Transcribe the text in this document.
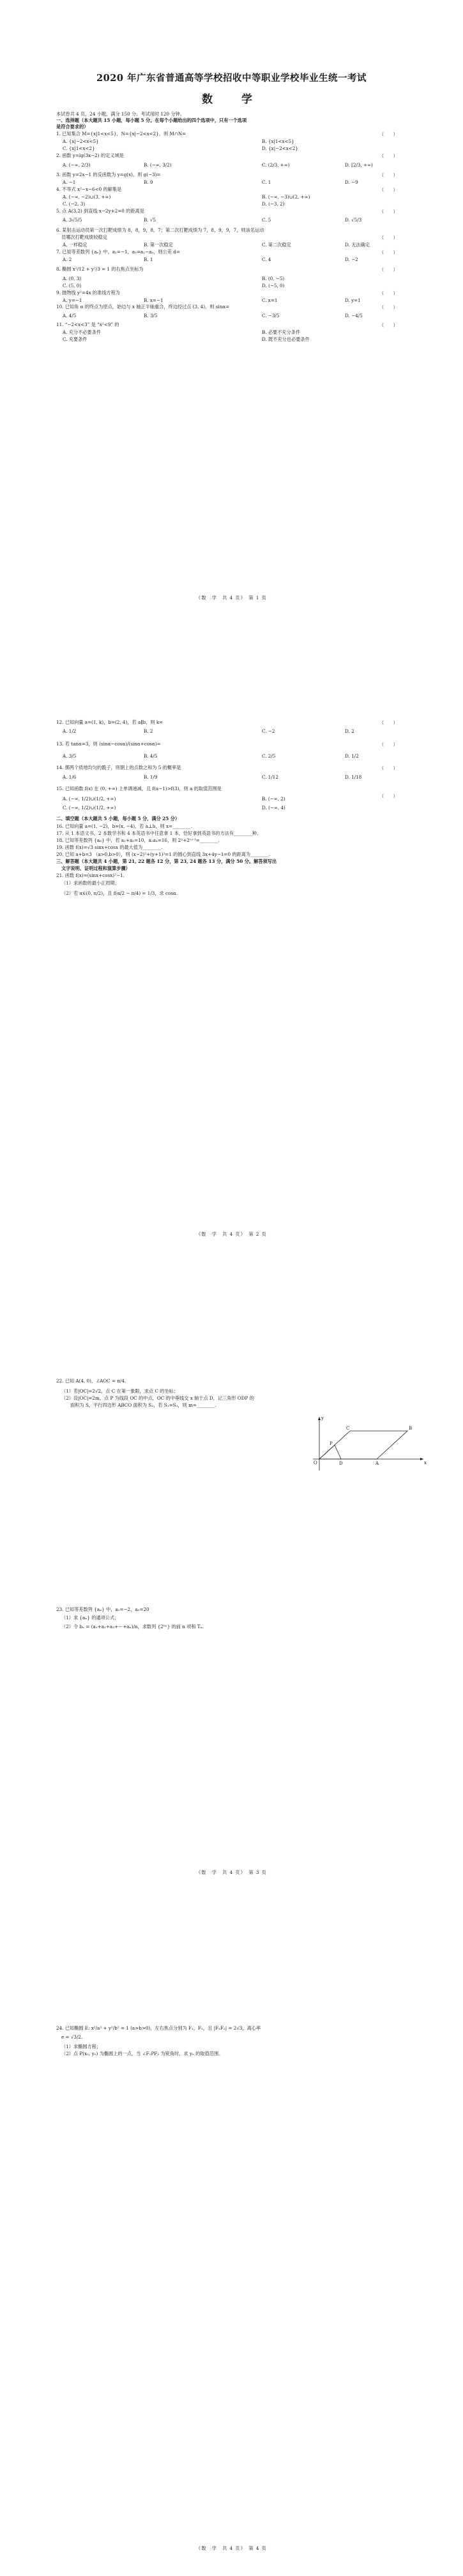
2020 年广东省普通高等学校招收中等职业学校毕业生统一考试
数　学
本试卷共 4 页，24 小题，满分 150 分。考试用时 120 分钟。
一、选择题（本大题共 15 小题，每小题 5 分。在每个小题给出的四个选项中，只有一个选项
是符合要求的）
1. 已知集合 M={x|1<x<5}，N={x|−2<x<2}，则 M∩N=	（　　）
A. {x|−2<x<5}	B. {x|1<x<5}
C. {x|1<x<2}	D. {x|−2<x<2}
2. 函数 y=lg(3x−2) 的定义域是	（　　）
A. (−∞, 2/3)	B. (−∞, 3/2)	C. (2/3, +∞)	D. [2/3, +∞)
3. 函数 y=2x−1 的反函数为 y=g(x)，则 g(−3)=	（　　）
A. −1	B. 9	C. 1	D. −9
4. 不等式 x²−x−6<0 的解集是	（　　）
A. (−∞, −2)∪(3, +∞)	B. (−∞, −3)∪(2, +∞)
C. (−2, 3)	D. (−3, 2)
5. 点 A(3,2) 到直线 x−2y+2=0 的距离是	（　　）
A. 3√5/5	B. √5	C. 5	D. √5/3
6. 某射击运动员第一次打靶成绩为 8，8，9，8，7；第二次打靶成绩为 7，8，9，9，7，则该名运动
员哪次打靶成绩较稳定	（　　）
A. 一样稳定	B. 第一次稳定	C. 第二次稳定	D. 无法确定
7. 已知等差数列 {aₙ} 中，a₁=−1，a₅=a₁−a₂，则公差 d=	（　　）
A. 2	B. 1	C. 4	D. −2
8. 椭圆 x²/12 + y²/3 = 1 的右焦点坐标为	（　　）
A. (0, 3)	B. (0, −5)
C. (5, 0)	D. (−5, 0)
9. 抛物线 y²=4x 的准线方程为	（　　）
A. y=−1	B. x=−1	C. x=1	D. y=1
10. 已知角 α 的终点为原点，始边与 x 轴正半轴重合，终边经过点 (3, 4)，则 sinα=	（　　）
A. 4/5	B. 3/5	C. −3/5	D. −4/5
11. “−2<x<3” 是 “x²<9” 的	（　　）
A. 充分不必要条件	B. 必要不充分条件
C. 充要条件	D. 既不充分也必要条件
《数　学　共 4 页》　第 1 页
12. 已知向量 a=(1, k)，b=(2, 4)，若 a∥b，则 k=	（　　）
A. 1/2	B. 2	C. −2	D. 2
13. 若 tanα=3，则 (sinα−cosα)/(sinα+cosα)=	（　　）
A. 3/5	B. 4/5	C. 2/5	D. 1/2
14. 掷两个质地均匀的骰子，则朝上的点数之和为 5 的概率是	（　　）
A. 1/6	B. 1/9	C. 1/12	D. 1/18
15. 已知函数 f(x) 在 (0, +∞) 上单调递减，且 f(a−1)>f(3)，则 a 的取值范围是
（　　）
A. (−∞, 1/2)∪(1/2, +∞)	B. (−∞, 2)
C. (−∞, 1/2)∪(1/2, +∞)	D. (−∞, 4)
二、填空题（本大题共 5 小题，每小题 5 分，满分 25 分）
16. 已知向量 a=(1, −2)，b=(x, −4)，若 a⊥b，则 x=________.
17. 从 1 本语文书，2 本数学书和 4 本英语书中任意拿 1 本，恰好拿到英语书的方法有________种。
18. 已知等差数列 {aₙ} 中，若 a₁+a₃=10，a₂a₄=16，则 2ⁿ+2ⁿ⁺¹=________.
19. 函数 f(x)=√3 sinx+cosx 的最大值为________.
20. 已知 a+b=3 （a>0,b>0），则 (x−2)²+(y+1)²=1 的圆心到直线 3x+4y−1=0 的距离为________.
三、解答题（本大题共 4 小题，第 21, 22 题各 12 分，第 23, 24 题各 13 分，满分 50 分。解答须写出
文字说明、证明过程和演算步骤）
21. 函数 f(x)=(sinx+cosx)²−1.
（1）求函数的最小正周期；
（2）若 α∈(0, π/2)，且 f(α/2 − π/4) = 1/3，求 cosα.
《数　学　共 4 页》　第 2 页
22. 已知 A(4, 0)，∠AOC = π/4.
（1）若|OC|=2√2，点 C 在第一象限，求点 C 的坐标；
（2）设|OC|=2m，点 P 为线段 OC 的中点，OC 的中垂线交 x 轴于点 D，记三角形 ODP 的
面积为 S，平行四边形 ABCO 面积为 S₂，若 S₁=S₂，则 m=________.
y
x
O	D	A
P
C	B
23. 已知等差数列 {aₙ} 中，a₁=−2，a₅=20
（1）求 {aₙ} 的通项公式；
（2）令 bₙ = (a₁+a₂+a₃+⋯+aₙ)/n，求数列 {2ᵇⁿ} 的前 n 项和 Tₙ.
《数　学　共 4 页》　第 3 页
24. 已知椭圆 E: x²/a² + y²/b² = 1 (a>b>0)，左右焦点分别为 F₁，F₂，且 |F₁F₂| = 2√3，离心率
e = √3/2.
（1）求椭圆方程；
（2）点 P(x₀, y₀) 为椭圆上的一点，当 ∠F₁PF₂ 为锐角时，求 y₀ 的取值范围。
《数　学　共 4 页》　第 4 页
